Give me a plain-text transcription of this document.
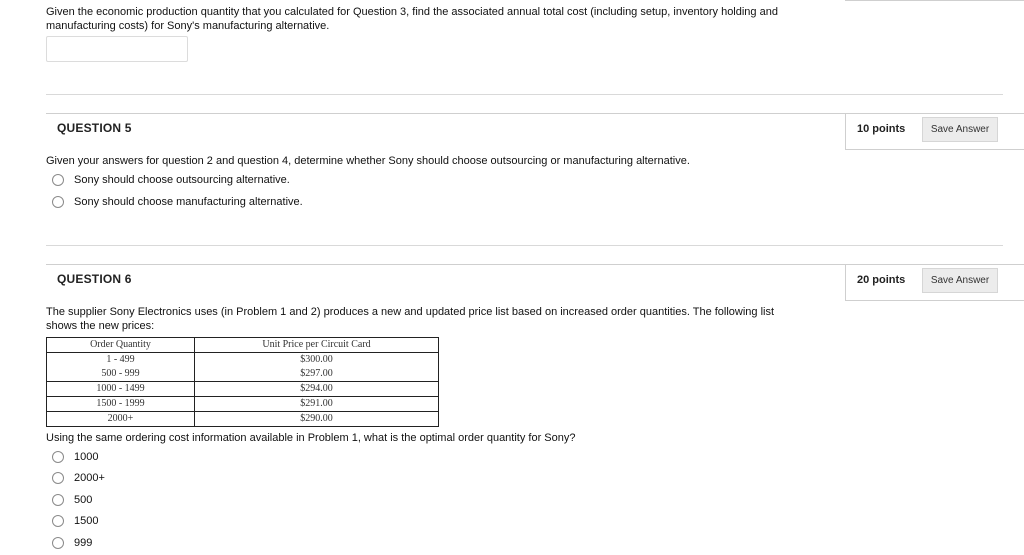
Given the economic production quantity that you calculated for Question 3, find the associated annual total cost (including setup, inventory holding and manufacturing costs) for Sony's manufacturing alternative.
QUESTION 5	10 points	Save Answer
Given your answers for question 2 and question 4, determine whether Sony should choose outsourcing or manufacturing alternative.
Sony should choose outsourcing alternative.
Sony should choose manufacturing alternative.
QUESTION 6	20 points	Save Answer
The supplier Sony Electronics uses (in Problem 1 and 2) produces a new and updated price list based on increased order quantities. The following list shows the new prices:
Order Quantity	Unit Price per Circuit Card
1 - 499	$300.00
500 - 999	$297.00
1000 - 1499	$294.00
1500 - 1999	$291.00
2000+	$290.00
Using the same ordering cost information available in Problem 1, what is the optimal order quantity for Sony?
1000
2000+
500
1500
999
